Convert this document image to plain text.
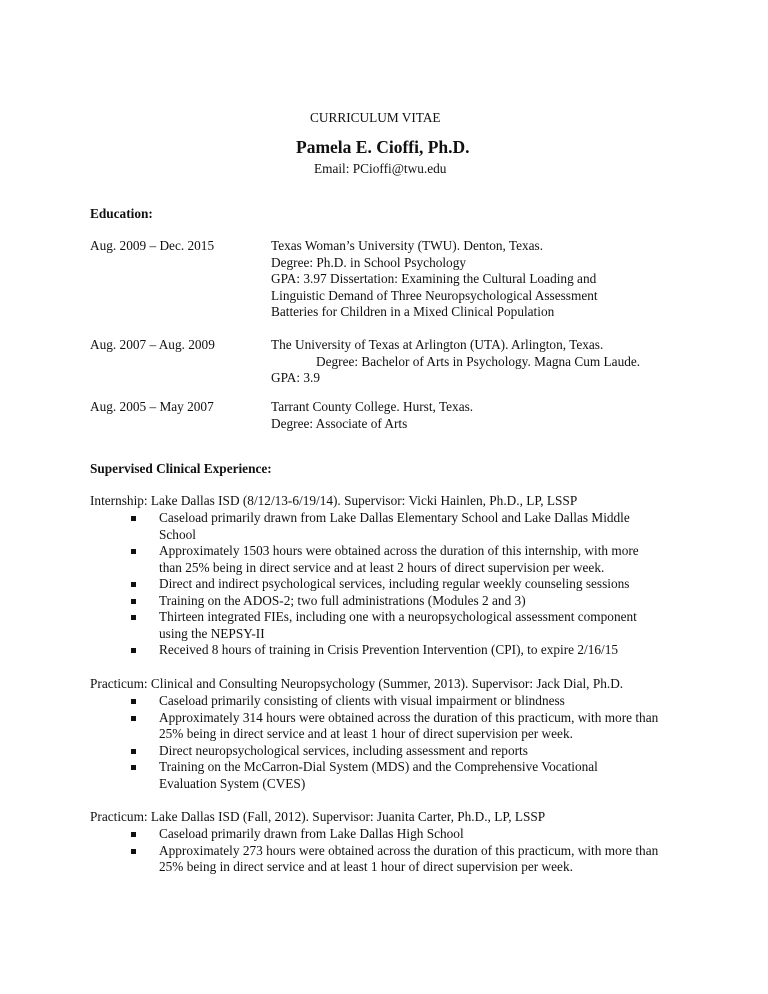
CURRICULUM VITAE
Pamela E. Cioffi, Ph.D.
Email: PCioffi@twu.edu
Education:
Aug. 2009 – Dec. 2015	Texas Woman’s University (TWU). Denton, Texas.
Degree: Ph.D. in School Psychology
GPA: 3.97 Dissertation: Examining the Cultural Loading and
Linguistic Demand of Three Neuropsychological Assessment
Batteries for Children in a Mixed Clinical Population
Aug. 2007 – Aug. 2009	The University of Texas at Arlington (UTA). Arlington, Texas.
Degree: Bachelor of Arts in Psychology. Magna Cum Laude.
GPA: 3.9
Aug. 2005 – May 2007	Tarrant County College. Hurst, Texas.
Degree: Associate of Arts
Supervised Clinical Experience:
Internship: Lake Dallas ISD (8/12/13-6/19/14). Supervisor: Vicki Hainlen, Ph.D., LP, LSSP
Caseload primarily drawn from Lake Dallas Elementary School and Lake Dallas Middle
School
Approximately 1503 hours were obtained across the duration of this internship, with more
than 25% being in direct service and at least 2 hours of direct supervision per week.
Direct and indirect psychological services, including regular weekly counseling sessions
Training on the ADOS-2; two full administrations (Modules 2 and 3)
Thirteen integrated FIEs, including one with a neuropsychological assessment component
using the NEPSY-II
Received 8 hours of training in Crisis Prevention Intervention (CPI), to expire 2/16/15
Practicum: Clinical and Consulting Neuropsychology (Summer, 2013). Supervisor: Jack Dial, Ph.D.
Caseload primarily consisting of clients with visual impairment or blindness
Approximately 314 hours were obtained across the duration of this practicum, with more than
25% being in direct service and at least 1 hour of direct supervision per week.
Direct neuropsychological services, including assessment and reports
Training on the McCarron-Dial System (MDS) and the Comprehensive Vocational
Evaluation System (CVES)
Practicum: Lake Dallas ISD (Fall, 2012). Supervisor: Juanita Carter, Ph.D., LP, LSSP
Caseload primarily drawn from Lake Dallas High School
Approximately 273 hours were obtained across the duration of this practicum, with more than
25% being in direct service and at least 1 hour of direct supervision per week.
